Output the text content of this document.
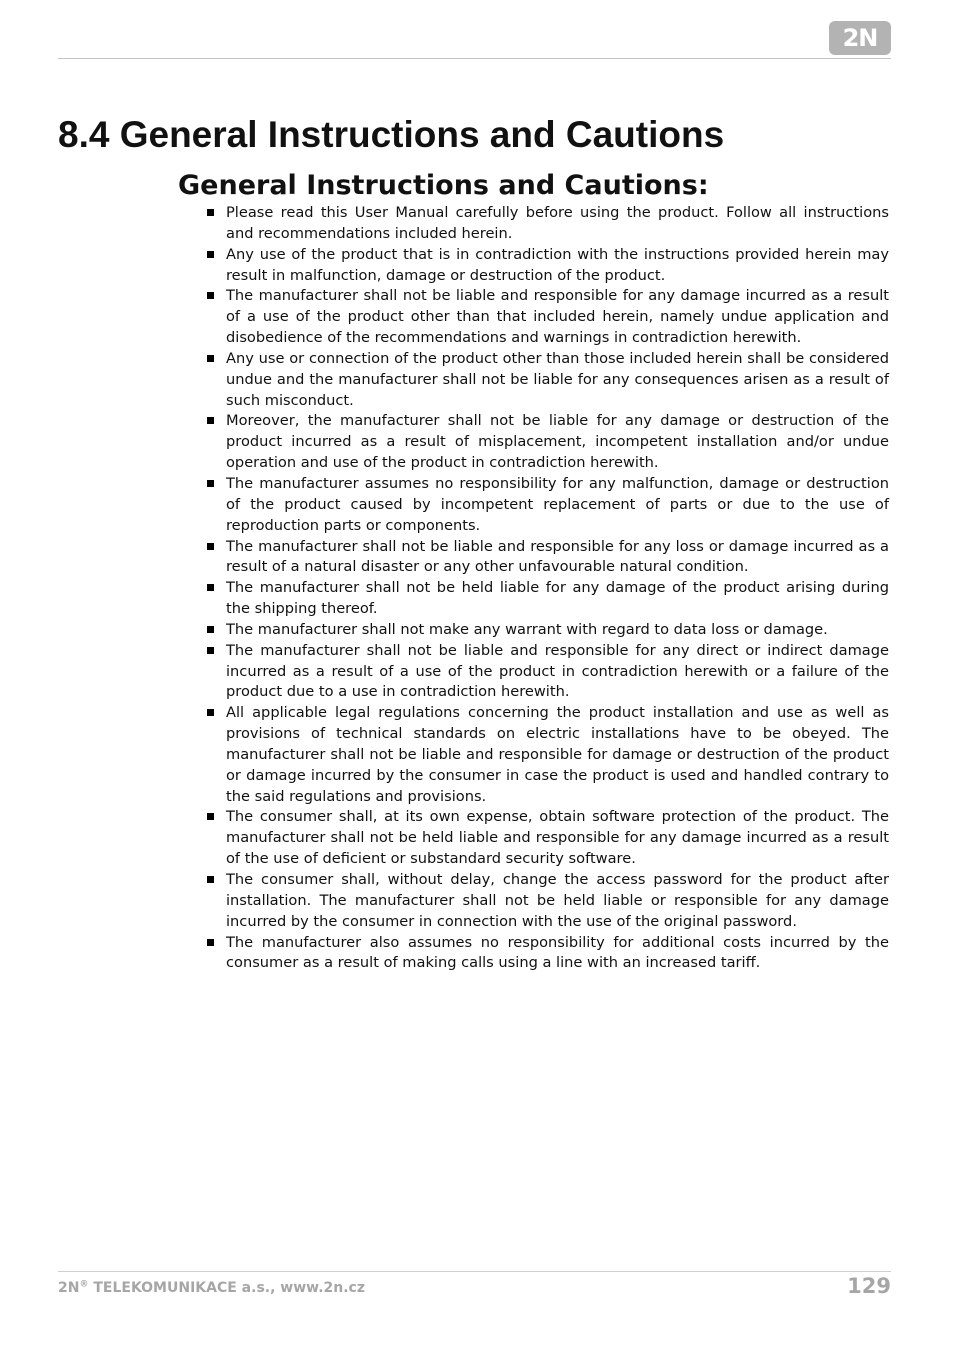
2N
8.4 General Instructions and Cautions
General Instructions and Cautions:
Please read this User Manual carefully before using the product. Follow all instructions and recommendations included herein.
Any use of the product that is in contradiction with the instructions provided herein may result in malfunction, damage or destruction of the product.
The manufacturer shall not be liable and responsible for any damage incurred as a result of a use of the product other than that included herein, namely undue application and disobedience of the recommendations and warnings in contradiction herewith.
Any use or connection of the product other than those included herein shall be considered undue and the manufacturer shall not be liable for any consequences arisen as a result of such misconduct.
Moreover, the manufacturer shall not be liable for any damage or destruction of the product incurred as a result of misplacement, incompetent installation and/or undue operation and use of the product in contradiction herewith.
The manufacturer assumes no responsibility for any malfunction, damage or destruction of the product caused by incompetent replacement of parts or due to the use of reproduction parts or components.
The manufacturer shall not be liable and responsible for any loss or damage incurred as a result of a natural disaster or any other unfavourable natural condition.
The manufacturer shall not be held liable for any damage of the product arising during the shipping thereof.
The manufacturer shall not make any warrant with regard to data loss or damage.
The manufacturer shall not be liable and responsible for any direct or indirect damage incurred as a result of a use of the product in contradiction herewith or a failure of the product due to a use in contradiction herewith.
All applicable legal regulations concerning the product installation and use as well as provisions of technical standards on electric installations have to be obeyed. The manufacturer shall not be liable and responsible for damage or destruction of the product or damage incurred by the consumer in case the product is used and handled contrary to the said regulations and provisions.
The consumer shall, at its own expense, obtain software protection of the product. The manufacturer shall not be held liable and responsible for any damage incurred as a result of the use of deficient or substandard security software.
The consumer shall, without delay, change the access password for the product after installation. The manufacturer shall not be held liable or responsible for any damage incurred by the consumer in connection with the use of the original password.
The manufacturer also assumes no responsibility for additional costs incurred by the consumer as a result of making calls using a line with an increased tariff.
2N® TELEKOMUNIKACE a.s., www.2n.cz	129
